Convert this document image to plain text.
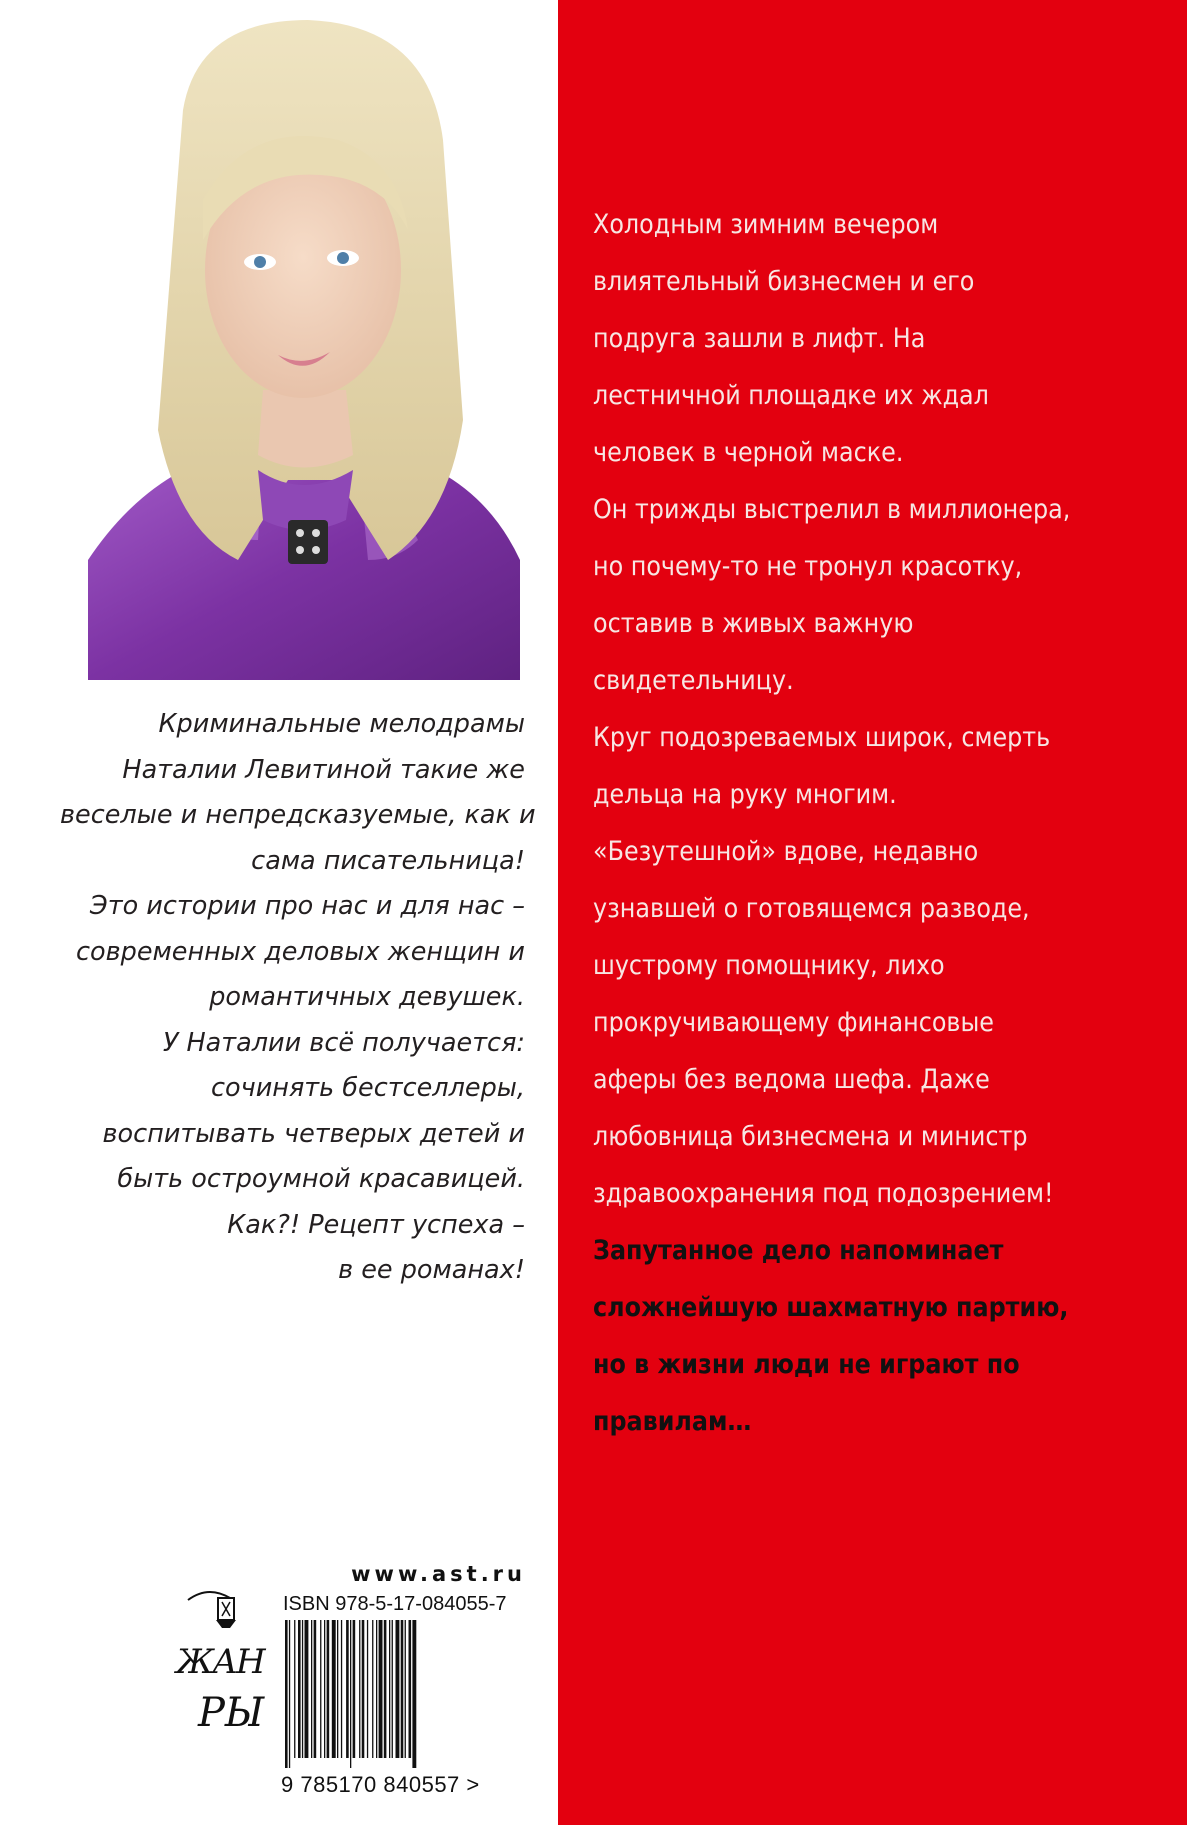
Криминальные мелодрамы
Наталии Левитиной такие же
веселые и непредсказуемые, как и
сама писательница!
Это истории про нас и для нас –
современных деловых женщин и
романтичных девушек.
У Наталии всё получается:
сочинять бестселлеры,
воспитывать четверых детей и
быть остроумной красавицей.
Как?! Рецепт успеха –
в ее романах!
ЖАН
РЫ
www.ast.ru
ISBN 978-5-17-084055-7
9 785170 840557 >
Холодным зимним вечером
влиятельный бизнесмен и его
подруга зашли в лифт. На
лестничной площадке их ждал
человек в черной маске.
Он трижды выстрелил в миллионера,
но почему-то не тронул красотку,
оставив в живых важную
свидетельницу.
Круг подозреваемых широк, смерть
дельца на руку многим.
«Безутешной» вдове, недавно
узнавшей о готовящемся разводе,
шустрому помощнику, лихо
прокручивающему финансовые
аферы без ведома шефа. Даже
любовница бизнесмена и министр
здравоохранения под подозрением!
Запутанное дело напоминает
сложнейшую шахматную партию,
но в жизни люди не играют по
правилам…
